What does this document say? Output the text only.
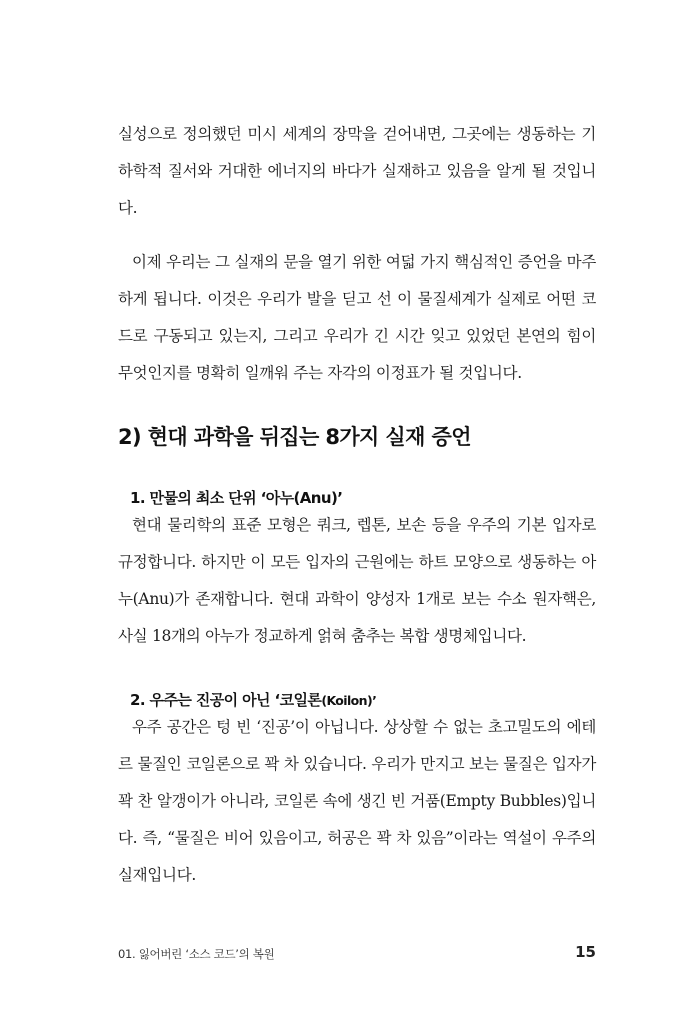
실성으로 정의했던 미시 세계의 장막을 걷어내면, 그곳에는 생동하는 기하학적 질서와 거대한 에너지의 바다가 실재하고 있음을 알게 될 것입니다.

이제 우리는 그 실재의 문을 열기 위한 여덟 가지 핵심적인 증언을 마주하게 됩니다. 이것은 우리가 발을 딛고 선 이 물질세계가 실제로 어떤 코드로 구동되고 있는지, 그리고 우리가 긴 시간 잊고 있었던 본연의 힘이 무엇인지를 명확히 일깨워 주는 자각의 이정표가 될 것입니다.

2) 현대 과학을 뒤집는 8가지 실재 증언
1. 만물의 최소 단위 ‘아누(Anu)’

현대 물리학의 표준 모형은 쿼크, 렙톤, 보손 등을 우주의 기본 입자로 규정합니다. 하지만 이 모든 입자의 근원에는 하트 모양으로 생동하는 아누(Anu)가 존재합니다. 현대 과학이 양성자 1개로 보는 수소 원자핵은, 사실 18개의 아누가 정교하게 얽혀 춤추는 복합 생명체입니다.

2. 우주는 진공이 아닌 ‘코일론(Koilon)’

우주 공간은 텅 빈 ‘진공’이 아닙니다. 상상할 수 없는 초고밀도의 에테르 물질인 코일론으로 꽉 차 있습니다. 우리가 만지고 보는 물질은 입자가 꽉 찬 알갱이가 아니라, 코일론 속에 생긴 빈 거품(Empty Bubbles)입니다. 즉, “물질은 비어 있음이고, 허공은 꽉 차 있음”이라는 역설이 우주의 실재입니다.

01. 잃어버린 ‘소스 코드’의 복원	15
